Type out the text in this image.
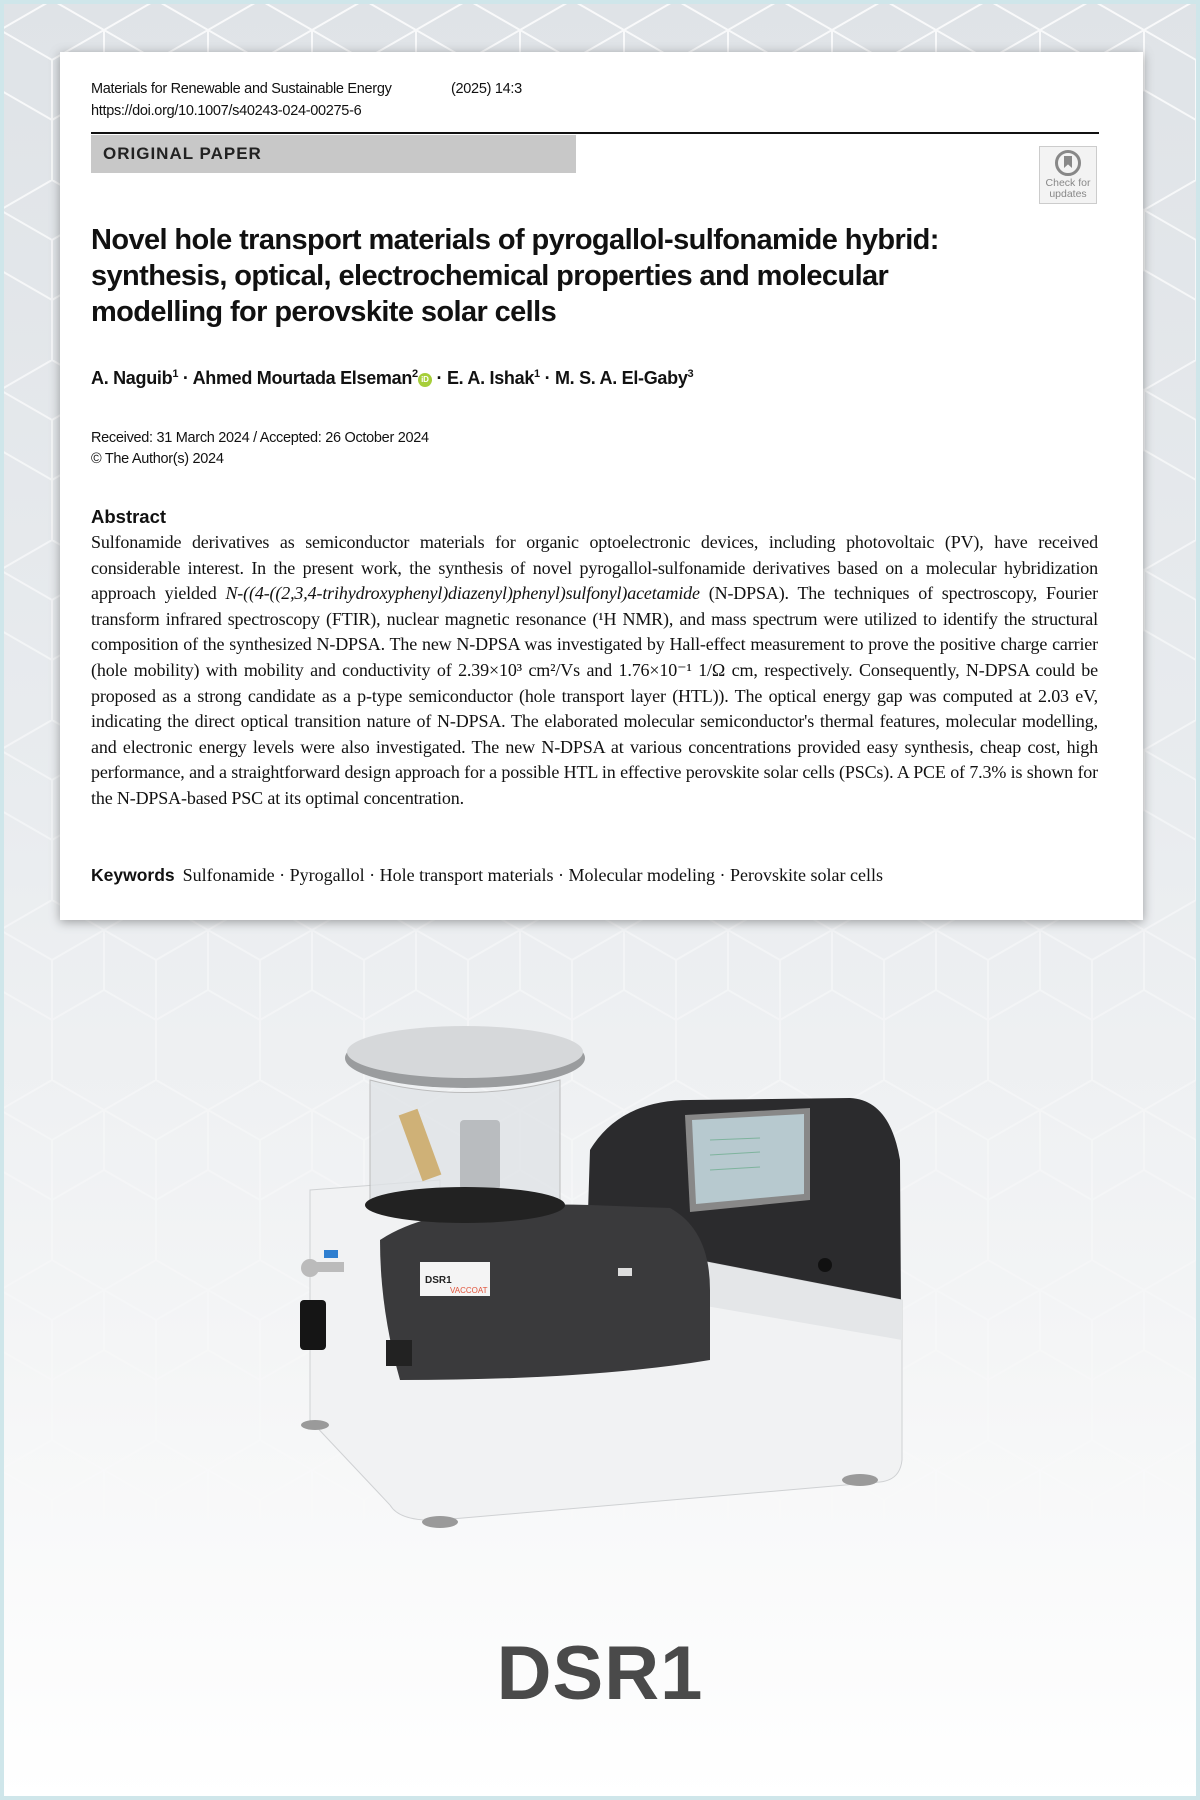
Materials for Renewable and Sustainable Energy	(2025) 14:3
https://doi.org/10.1007/s40243-024-00275-6
ORIGINAL PAPER
Check for
updates
Novel hole transport materials of pyrogallol-sulfonamide hybrid: synthesis, optical, electrochemical properties and molecular modelling for perovskite solar cells
A. Naguib$^1$ · Ahmed Mourtada Elseman$^2$ iD · E. A. Ishak$^1$ · M. S. A. El-Gaby$^3$
Received: 31 March 2024 / Accepted: 26 October 2024
© The Author(s) 2024
Abstract
Sulfonamide derivatives as semiconductor materials for organic optoelectronic devices, including photovoltaic (PV), have received considerable interest. In the present work, the synthesis of novel pyrogallol-sulfonamide derivatives based on a molecular hybridization approach yielded N-((4-((2,3,4-trihydroxyphenyl)diazenyl)phenyl)sulfonyl)acetamide (N-DPSA). The techniques of spectroscopy, Fourier transform infrared spectroscopy (FTIR), nuclear magnetic resonance (¹H NMR), and mass spectrum were utilized to identify the structural composition of the synthesized N-DPSA. The new N-DPSA was investigated by Hall-effect measurement to prove the positive charge carrier (hole mobility) with mobility and conductivity of 2.39×10³ cm²/Vs and 1.76×10⁻¹ 1/Ω cm, respectively. Consequently, N-DPSA could be proposed as a strong candidate as a p-type semiconductor (hole transport layer (HTL)). The optical energy gap was computed at 2.03 eV, indicating the direct optical transition nature of N-DPSA. The elaborated molecular semiconductor's thermal features, molecular modelling, and electronic energy levels were also investigated. The new N-DPSA at various concentrations provided easy synthesis, cheap cost, high performance, and a straightforward design approach for a possible HTL in effective perovskite solar cells (PSCs). A PCE of 7.3% is shown for the N-DPSA-based PSC at its optimal concentration.
Keywords Sulfonamide · Pyrogallol · Hole transport materials · Molecular modeling · Perovskite solar cells
DSR1
VACCOAT
DSR1
